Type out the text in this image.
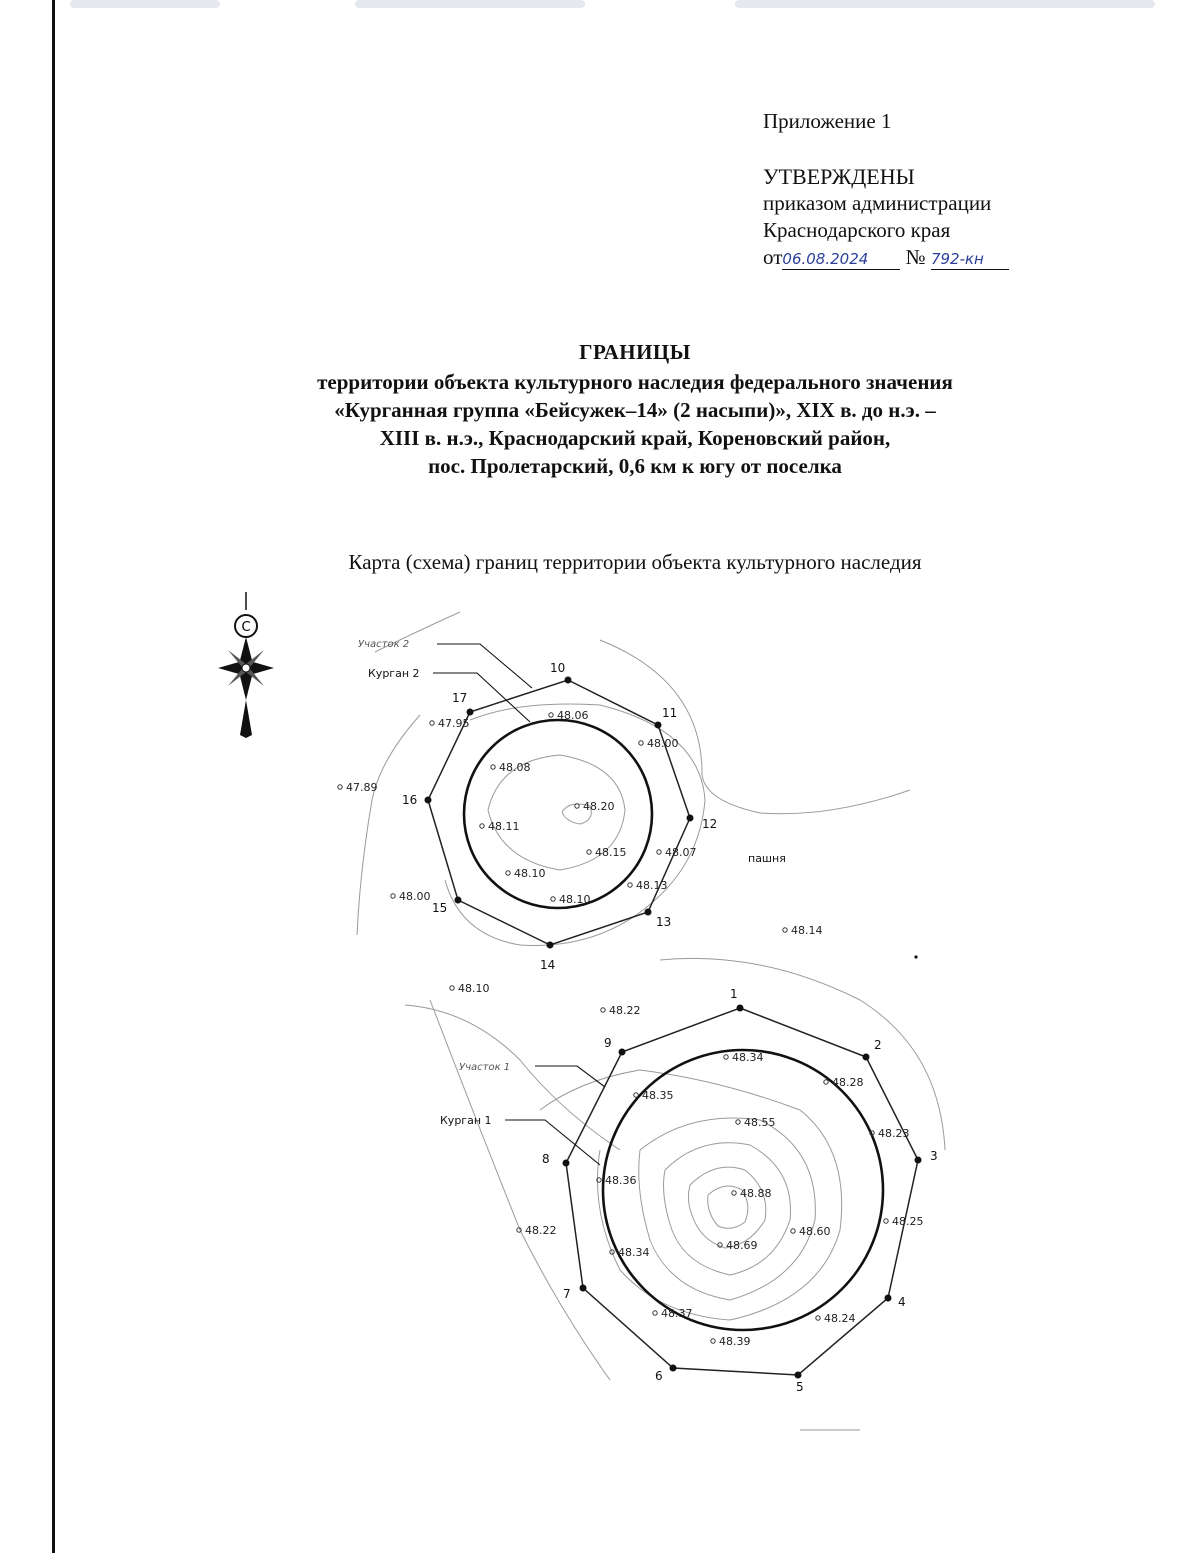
Приложение 1
УТВЕРЖДЕНЫ
приказом администрации
Краснодарского края
от06.08.2024 № 792-кн
ГРАНИЦЫ
территории объекта культурного наследия федерального значения
«Курганная группа «Бейсужек–14» (2 насыпи)», XIX в. до н.э. –
XIII в. н.э., Краснодарский край, Кореновский район,
пос. Пролетарский, 0,6 км к югу от поселка
Карта (схема) границ территории объекта культурного наследия
С
10
11
12
13
14
15
16
17
1
2
3
4
5
6
7
8
9
Участок 2
Курган 2
Участок 1
Курган 1
пашня
48.06
48.00
47.95
48.08
47.89
48.20
48.11
48.15	48.07
48.10
48.13
48.00	48.10
48.14
48.10
48.22
48.34
48.28
48.35
48.55
48.23
48.36
48.88
48.25
48.22	48.60
48.34
48.69
48.37	48.24
48.39
